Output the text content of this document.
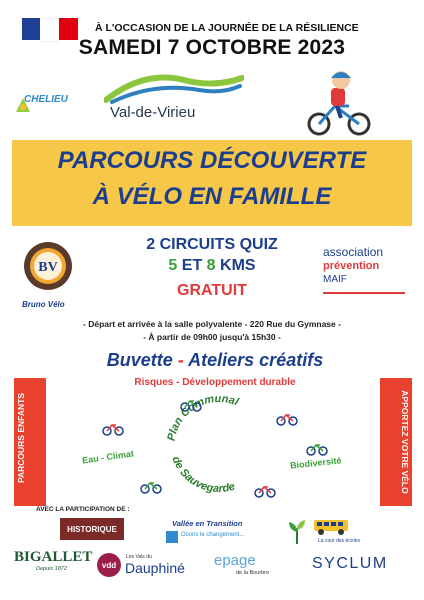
À L'OCCASION DE LA JOURNÉE DE LA RÉSILIENCE
SAMEDI 7 OCTOBRE 2023
CHELIEU
Val-de-Virieu
PARCOURS DÉCOUVERTE
À VÉLO EN FAMILLE
BV
Bruno Vélo
2 CIRCUITS QUIZ
5 ET 8 KMS
GRATUIT
association
prévention
MAIF
- Départ et arrivée à la salle polyvalente - 220 Rue du Gymnase -
- À partir de 09h00 jusqu'à 15h30 -
Buvette - Ateliers créatifs
Risques - Développement durable
PARCOURS ENFANTS	APPORTEZ VOTRE VÉLO
Plan Communal
de Sauvegarde
Eau - Climat	Biodiversité
AVEC LA PARTICIPATION DE :
HISTORIQUE
Vallée en Transition
Osons le changement...
La cour des écoles
BIGALLET
Depuis 1872	vdd
Les Vals du
Dauphiné epage
de la Bourbre
SYCLUM
